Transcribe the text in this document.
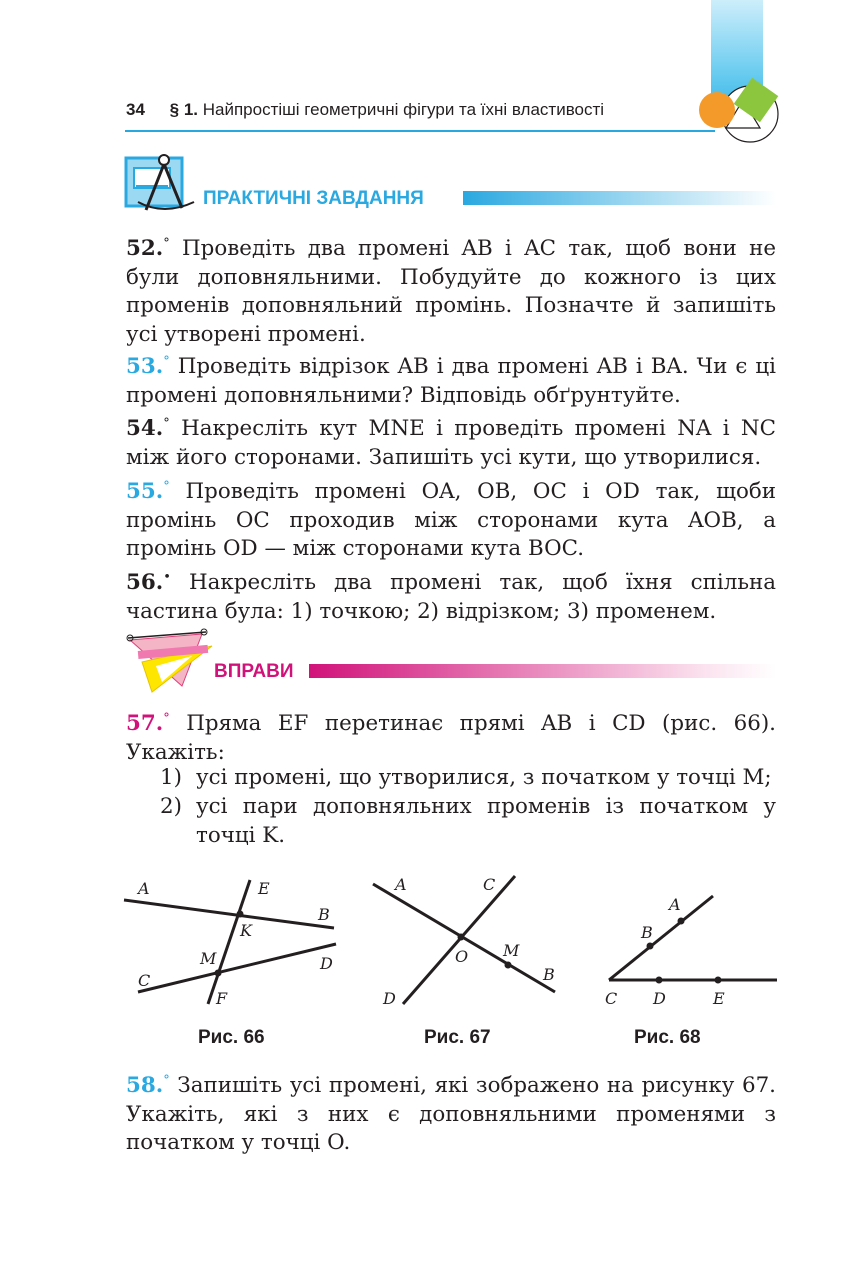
34 § 1. Найпростіші геометричні фігури та їхні властивості
ПРАКТИЧНІ ЗАВДАННЯ
52.° Проведіть два промені AB і AC так, щоб вони не були доповняльними. Побудуйте до кожного із цих променів доповняльний промінь. Позначте й запишіть усі утворені промені.
53.° Проведіть відрізок AB і два промені AB і BA. Чи є ці промені доповняльними? Відповідь обґрунтуйте.
54.° Накресліть кут MNE і проведіть промені NA і NC між його сторонами. Запишіть усі кути, що утворилися.
55.° Проведіть промені OA, OB, OC і OD так, щоби промінь OC проходив між сторонами кута AOB, а промінь OD — між сторонами кута BOC.
56.• Накресліть два промені так, щоб їхня спільна частина була: 1) точкою; 2) відрізком; 3) променем.
ВПРАВИ
57.° Пряма EF перетинає прямі AB і CD (рис. 66). Укажіть:
1) усі промені, що утворилися, з початком у точці M;
2) усі пари доповняльних променів із початком у точці K.
A	E
B
K
M	D
C
F
Рис. 66
A	C
O M
B
D
Рис. 67
A
B
C D	E
Рис. 68
58.° Запишіть усі промені, які зображено на рисунку 67. Укажіть, які з них є доповняльними променями з початком у точці O.
